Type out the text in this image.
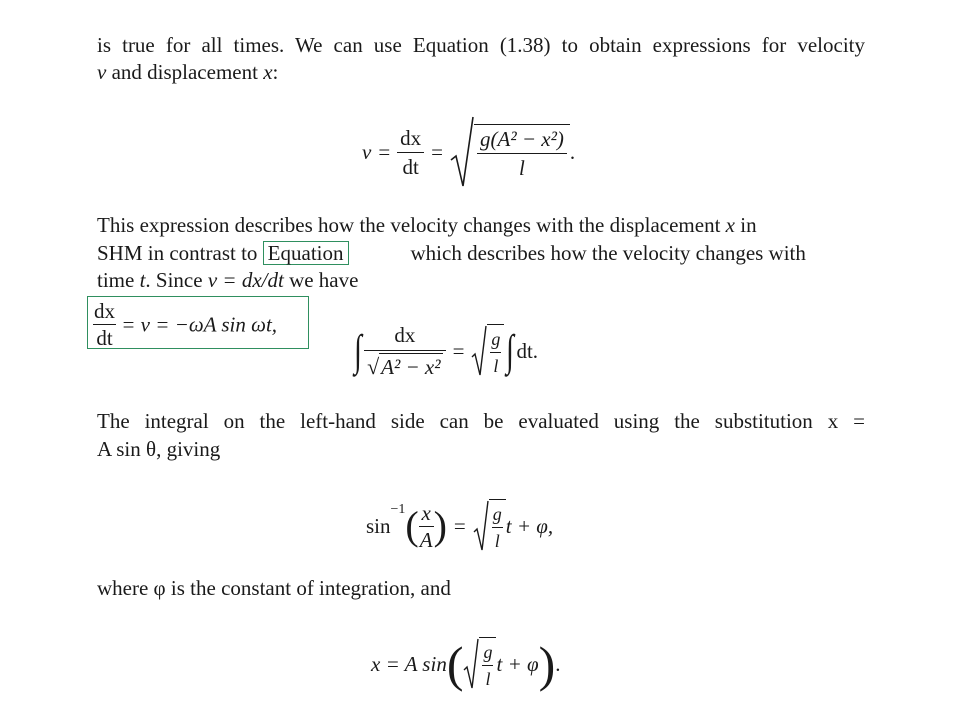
is true for all times. We can use Equation (1.38) to obtain expressions for velocity
v and displacement x:
$v = \frac{dx}{dt} = \frac{\text{g(A² − x²)}}{l}$ .
This expression describes how the velocity changes with the displacement x in
SHM in contrast to Equation	which describes how the velocity changes with
time t. Since v = dx/dt we have
$\frac{dx}{dt} = v = -\omega A$ sin ωt,
∫ $\frac{dx}{\text{√A² − x²}} = \frac{g}{l}$ ∫ dt.
The integral on the left-hand side can be evaluated using the substitution x =
A sin θ, giving
$\sin^{-1}( \frac{x}{A}$ ) = $\frac{g}{l}$ t + φ,
where φ is the constant of integration, and
x = A $\sin( \frac{g}{l}$ t + φ).
